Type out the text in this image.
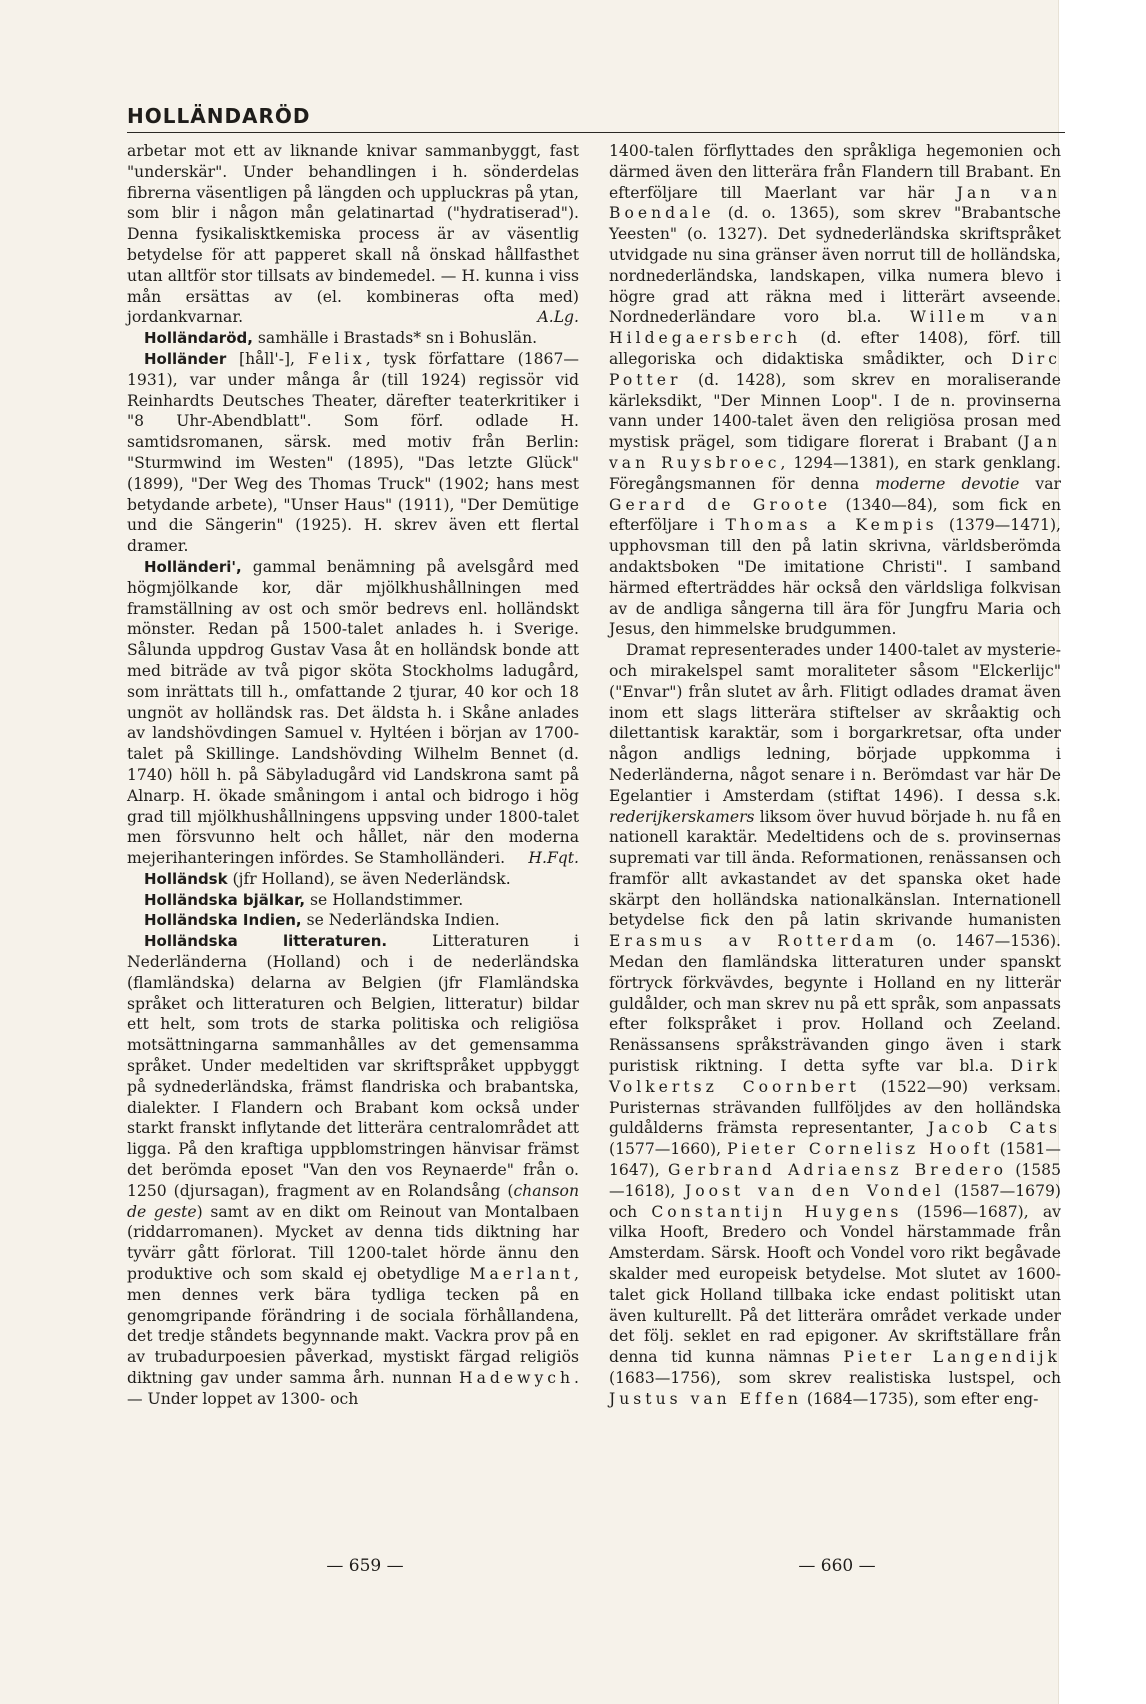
HOLLÄNDARÖD

arbetar mot ett av liknande knivar sammanbyggt, fast "underskär". Under behandlingen i h. sönderdelas fibrerna väsentligen på längden och uppluckras på ytan, som blir i någon mån gelatinartad ("hydratiserad"). Denna fysikalisktkemiska process är av väsentlig betydelse för att papperet skall nå önskad hållfasthet utan alltför stor tillsats av bindemedel. — H. kunna i viss mån ersättas av (el. kombineras ofta med) jordankvarnar.	A.Lg.

Holländaröd, samhälle i Brastads* sn i Bohuslän.

Holländer [håll'-], Felix, tysk författare (1867—1931), var under många år (till 1924) regissör vid Reinhardts Deutsches Theater, därefter teaterkritiker i "8 Uhr-Abendblatt". Som förf. odlade H. samtidsromanen, särsk. med motiv från Berlin: "Sturmwind im Westen" (1895), "Das letzte Glück" (1899), "Der Weg des Thomas Truck" (1902; hans mest betydande arbete), "Unser Haus" (1911), "Der Demütige und die Sängerin" (1925). H. skrev även ett flertal dramer.

Holländeri', gammal benämning på avelsgård med högmjölkande kor, där mjölkhushållningen med framställning av ost och smör bedrevs enl. holländskt mönster. Redan på 1500-talet anlades h. i Sverige. Sålunda uppdrog Gustav Vasa åt en holländsk bonde att med biträde av två pigor sköta Stockholms ladugård, som inrättats till h., omfattande 2 tjurar, 40 kor och 18 ungnöt av holländsk ras. Det äldsta h. i Skåne anlades av landshövdingen Samuel v. Hyltéen i början av 1700-talet på Skillinge. Landshövding Wilhelm Bennet (d. 1740) höll h. på Säbyladugård vid Landskrona samt på Alnarp. H. ökade småningom i antal och bidrogo i hög grad till mjölkhushållningens uppsving under 1800-talet men försvunno helt och hållet, när den moderna mejerihanteringen infördes. Se Stamholländeri.	H.Fqt.

Holländsk (jfr Holland), se även Nederländsk.

Holländska bjälkar, se Hollandstimmer.

Holländska Indien, se Nederländska Indien.

Holländska litteraturen. Litteraturen i Nederländerna (Holland) och i de nederländska (flamländska) delarna av Belgien (jfr Flamländska språket och litteraturen och Belgien, litteratur) bildar ett helt, som trots de starka politiska och religiösa motsättningarna sammanhålles av det gemensamma språket. Under medeltiden var skriftspråket uppbyggt på sydnederländska, främst flandriska och brabantska, dialekter. I Flandern och Brabant kom också under starkt franskt inflytande det litterära centralområdet att ligga. På den kraftiga uppblomstringen hänvisar främst det berömda eposet "Van den vos Reynaerde" från o. 1250 (djursagan), fragment av en Rolandsång (chanson de geste) samt av en dikt om Reinout van Montalbaen (riddarromanen). Mycket av denna tids diktning har tyvärr gått förlorat. Till 1200-talet hörde ännu den produktive och som skald ej obetydlige Maerlant, men dennes verk bära tydliga tecken på en genomgripande förändring i de sociala förhållandena, det tredje ståndets begynnande makt. Vackra prov på en av trubadurpoesien påverkad, mystiskt färgad religiös diktning gav under samma årh. nunnan Hadewych. — Under loppet av 1300- och

1400-talen förflyttades den språkliga hegemonien och därmed även den litterära från Flandern till Brabant. En efterföljare till Maerlant var här Jan van Boendale (d. o. 1365), som skrev "Brabantsche Yeesten" (o. 1327). Det sydnederländska skriftspråket utvidgade nu sina gränser även norrut till de holländska, nordnederländska, landskapen, vilka numera blevo i högre grad att räkna med i litterärt avseende. Nordnederländare voro bl.a. Willem van Hildegaersberch (d. efter 1408), förf. till allegoriska och didaktiska smådikter, och Dirc Potter (d. 1428), som skrev en moraliserande kärleksdikt, "Der Minnen Loop". I de n. provinserna vann under 1400-talet även den religiösa prosan med mystisk prägel, som tidigare florerat i Brabant (Jan van Ruysbroec, 1294—1381), en stark genklang. Föregångsmannen för denna moderne devotie var Gerard de Groote (1340—84), som fick en efterföljare i Thomas a Kempis (1379—1471), upphovsman till den på latin skrivna, världsberömda andaktsboken "De imitatione Christi". I samband härmed efterträddes här också den världsliga folkvisan av de andliga sångerna till ära för Jungfru Maria och Jesus, den himmelske brudgummen.

Dramat representerades under 1400-talet av mysterie- och mirakelspel samt moraliteter såsom "Elckerlijc" ("Envar") från slutet av årh. Flitigt odlades dramat även inom ett slags litterära stiftelser av skråaktig och dilettantisk karaktär, som i borgarkretsar, ofta under någon andligs ledning, började uppkomma i Nederländerna, något senare i n. Berömdast var här De Egelantier i Amsterdam (stiftat 1496). I dessa s.k. rederijkerskamers liksom över huvud började h. nu få en nationell karaktär. Medeltidens och de s. provinsernas supremati var till ända. Reformationen, renässansen och framför allt avkastandet av det spanska oket hade skärpt den holländska nationalkänslan. Internationell betydelse fick den på latin skrivande humanisten Erasmus av Rotterdam (o. 1467—1536). Medan den flamländska litteraturen under spanskt förtryck förkvävdes, begynte i Holland en ny litterär guldålder, och man skrev nu på ett språk, som anpassats efter folkspråket i prov. Holland och Zeeland. Renässansens språksträvanden gingo även i stark puristisk riktning. I detta syfte var bl.a. Dirk Volkertsz Coornbert (1522—90) verksam. Puristernas strävanden fullföljdes av den holländska guldålderns främsta representanter, Jacob Cats (1577—1660), Pieter Cornelisz Hooft (1581—1647), Gerbrand Adriaensz Bredero (1585—1618), Joost van den Vondel (1587—1679) och Constantijn Huygens (1596—1687), av vilka Hooft, Bredero och Vondel härstammade från Amsterdam. Särsk. Hooft och Vondel voro rikt begåvade skalder med europeisk betydelse. Mot slutet av 1600-talet gick Holland tillbaka icke endast politiskt utan även kulturellt. På det litterära området verkade under det följ. seklet en rad epigoner. Av skriftställare från denna tid kunna nämnas Pieter Langendijk (1683—1756), som skrev realistiska lustspel, och Justus van Effen (1684—1735), som efter eng-

— 659 —	— 660 —
